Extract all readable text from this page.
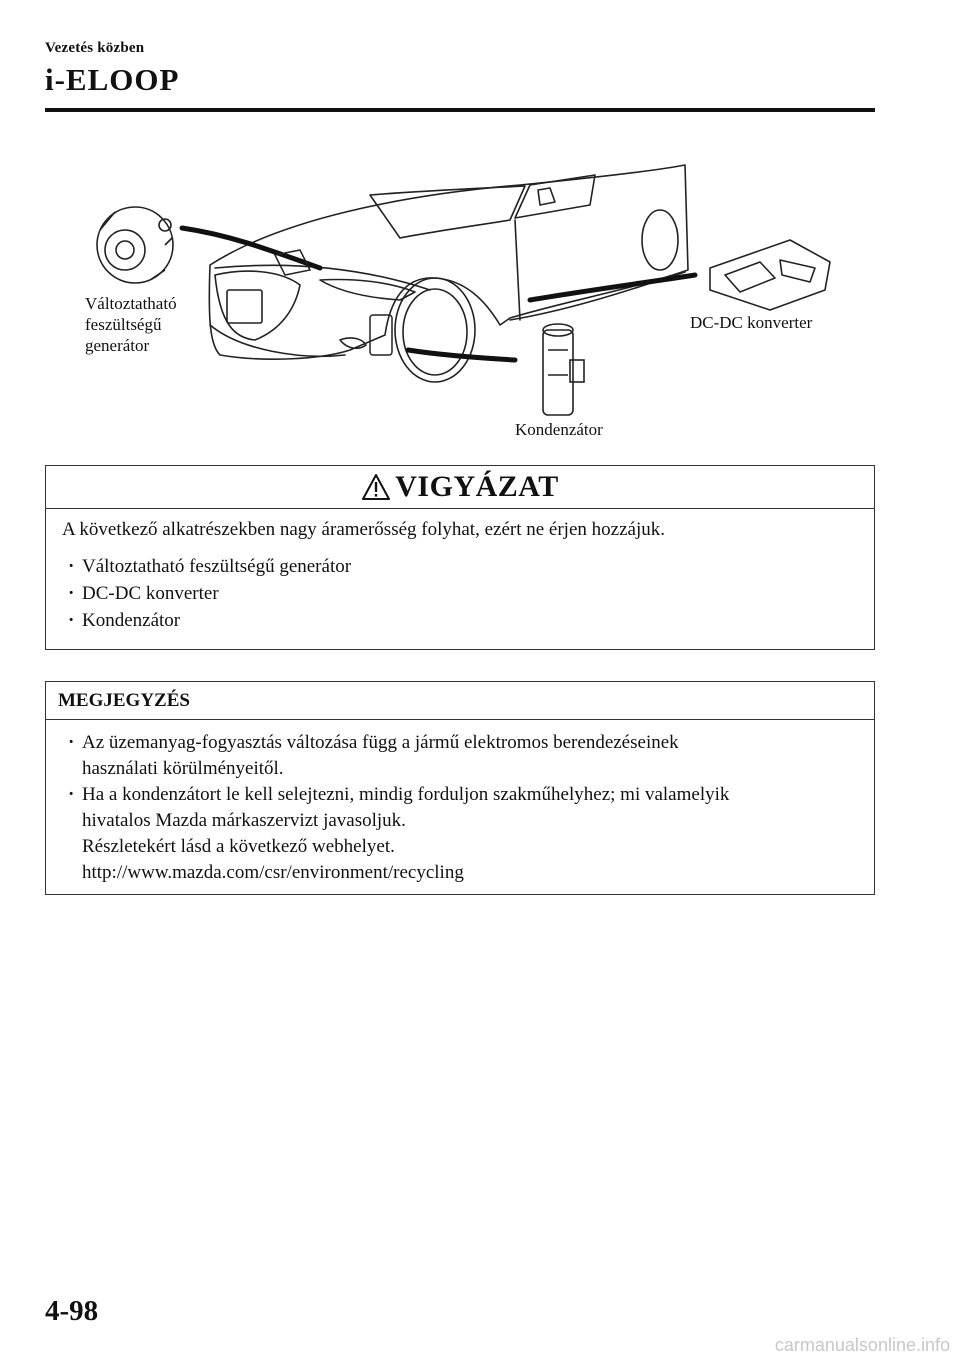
Vezetés közben
i-ELOOP
Változtatható feszültségű generátor
DC-DC konverter
Kondenzátor
VIGYÁZAT

A következő alkatrészekben nagy áramerősség folyhat, ezért ne érjen hozzájuk.

· Változtatható feszültségű generátor
· DC-DC konverter
· Kondenzátor
MEGJEGYZÉS
· Az üzemanyag-fogyasztás változása függ a jármű elektromos berendezéseinek
használati körülményeitől.
· Ha a kondenzátort le kell selejtezni, mindig forduljon szakműhelyhez; mi valamelyik
hivatalos Mazda márkaszervizt javasoljuk.
Részletekért lásd a következő webhelyet.
http://www.mazda.com/csr/environment/recycling
4-98
carmanualsonline.info
